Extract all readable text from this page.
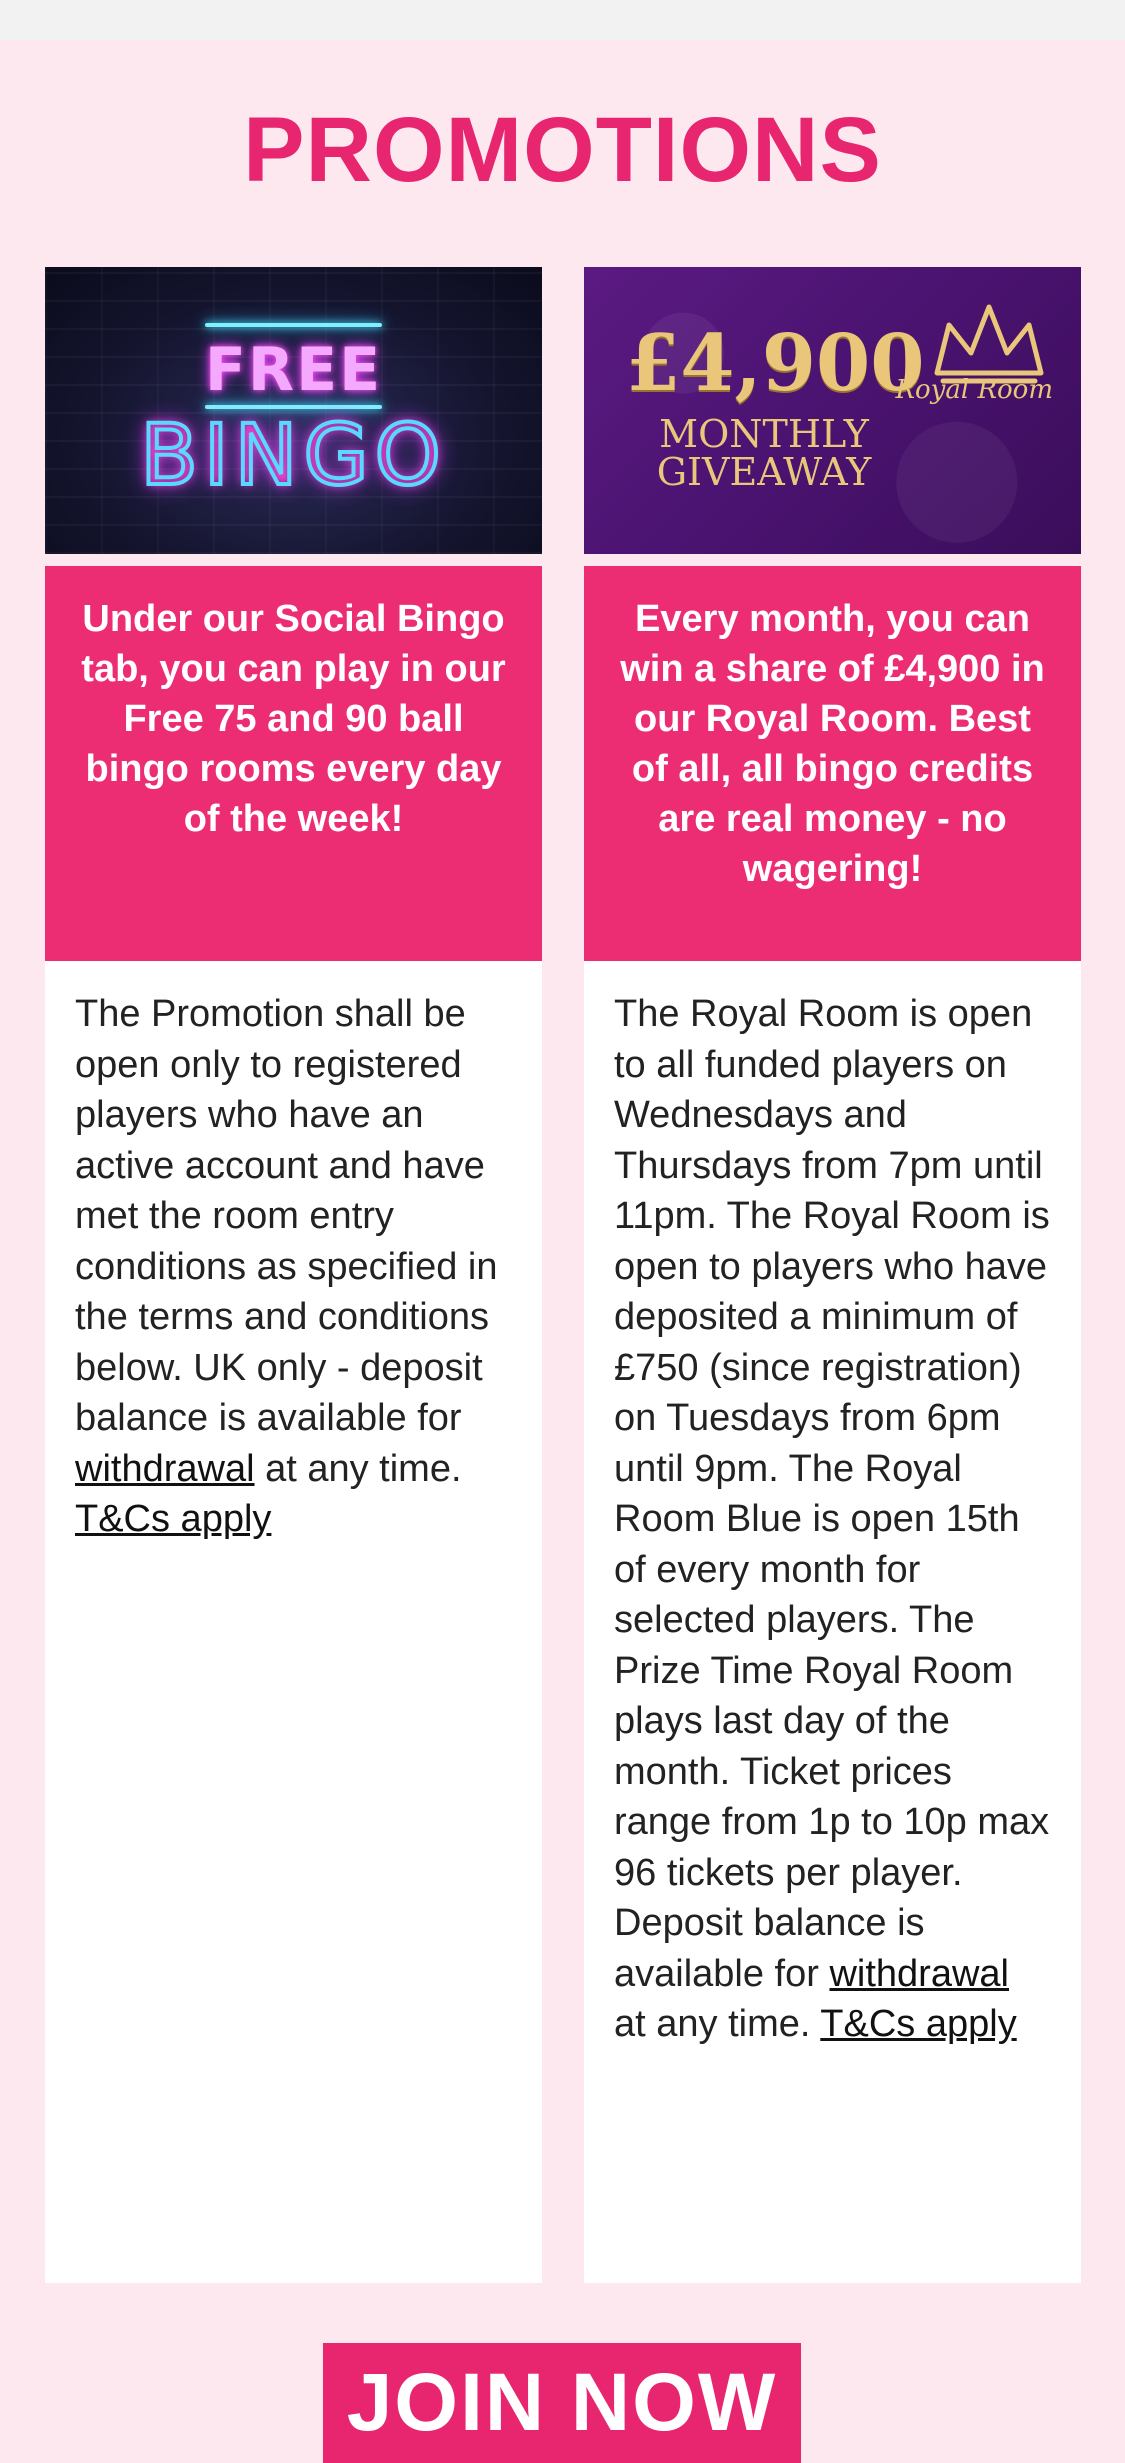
PROMOTIONS
FREE
BINGO
Under our Social Bingo tab, you can play in our Free 75 and 90 ball bingo rooms every day of the week!
The Promotion shall be open only to registered players who have an active account and have met the room entry conditions as specified in the terms and conditions below. UK only - deposit balance is available for withdrawal at any time. T&Cs apply
£4,900
MONTHLY
GIVEAWAY
Royal Room
Every month, you can win a share of £4,900 in our Royal Room. Best of all, all bingo credits are real money - no wagering!
The Royal Room is open to all funded players on Wednesdays and Thursdays from 7pm until 11pm. The Royal Room is open to players who have deposited a minimum of £750 (since registration) on Tuesdays from 6pm until 9pm. The Royal Room Blue is open 15th of every month for selected players. The Prize Time Royal Room plays last day of the month. Ticket prices range from 1p to 10p max 96 tickets per player. Deposit balance is available for withdrawal at any time. T&Cs apply
JOIN NOW
